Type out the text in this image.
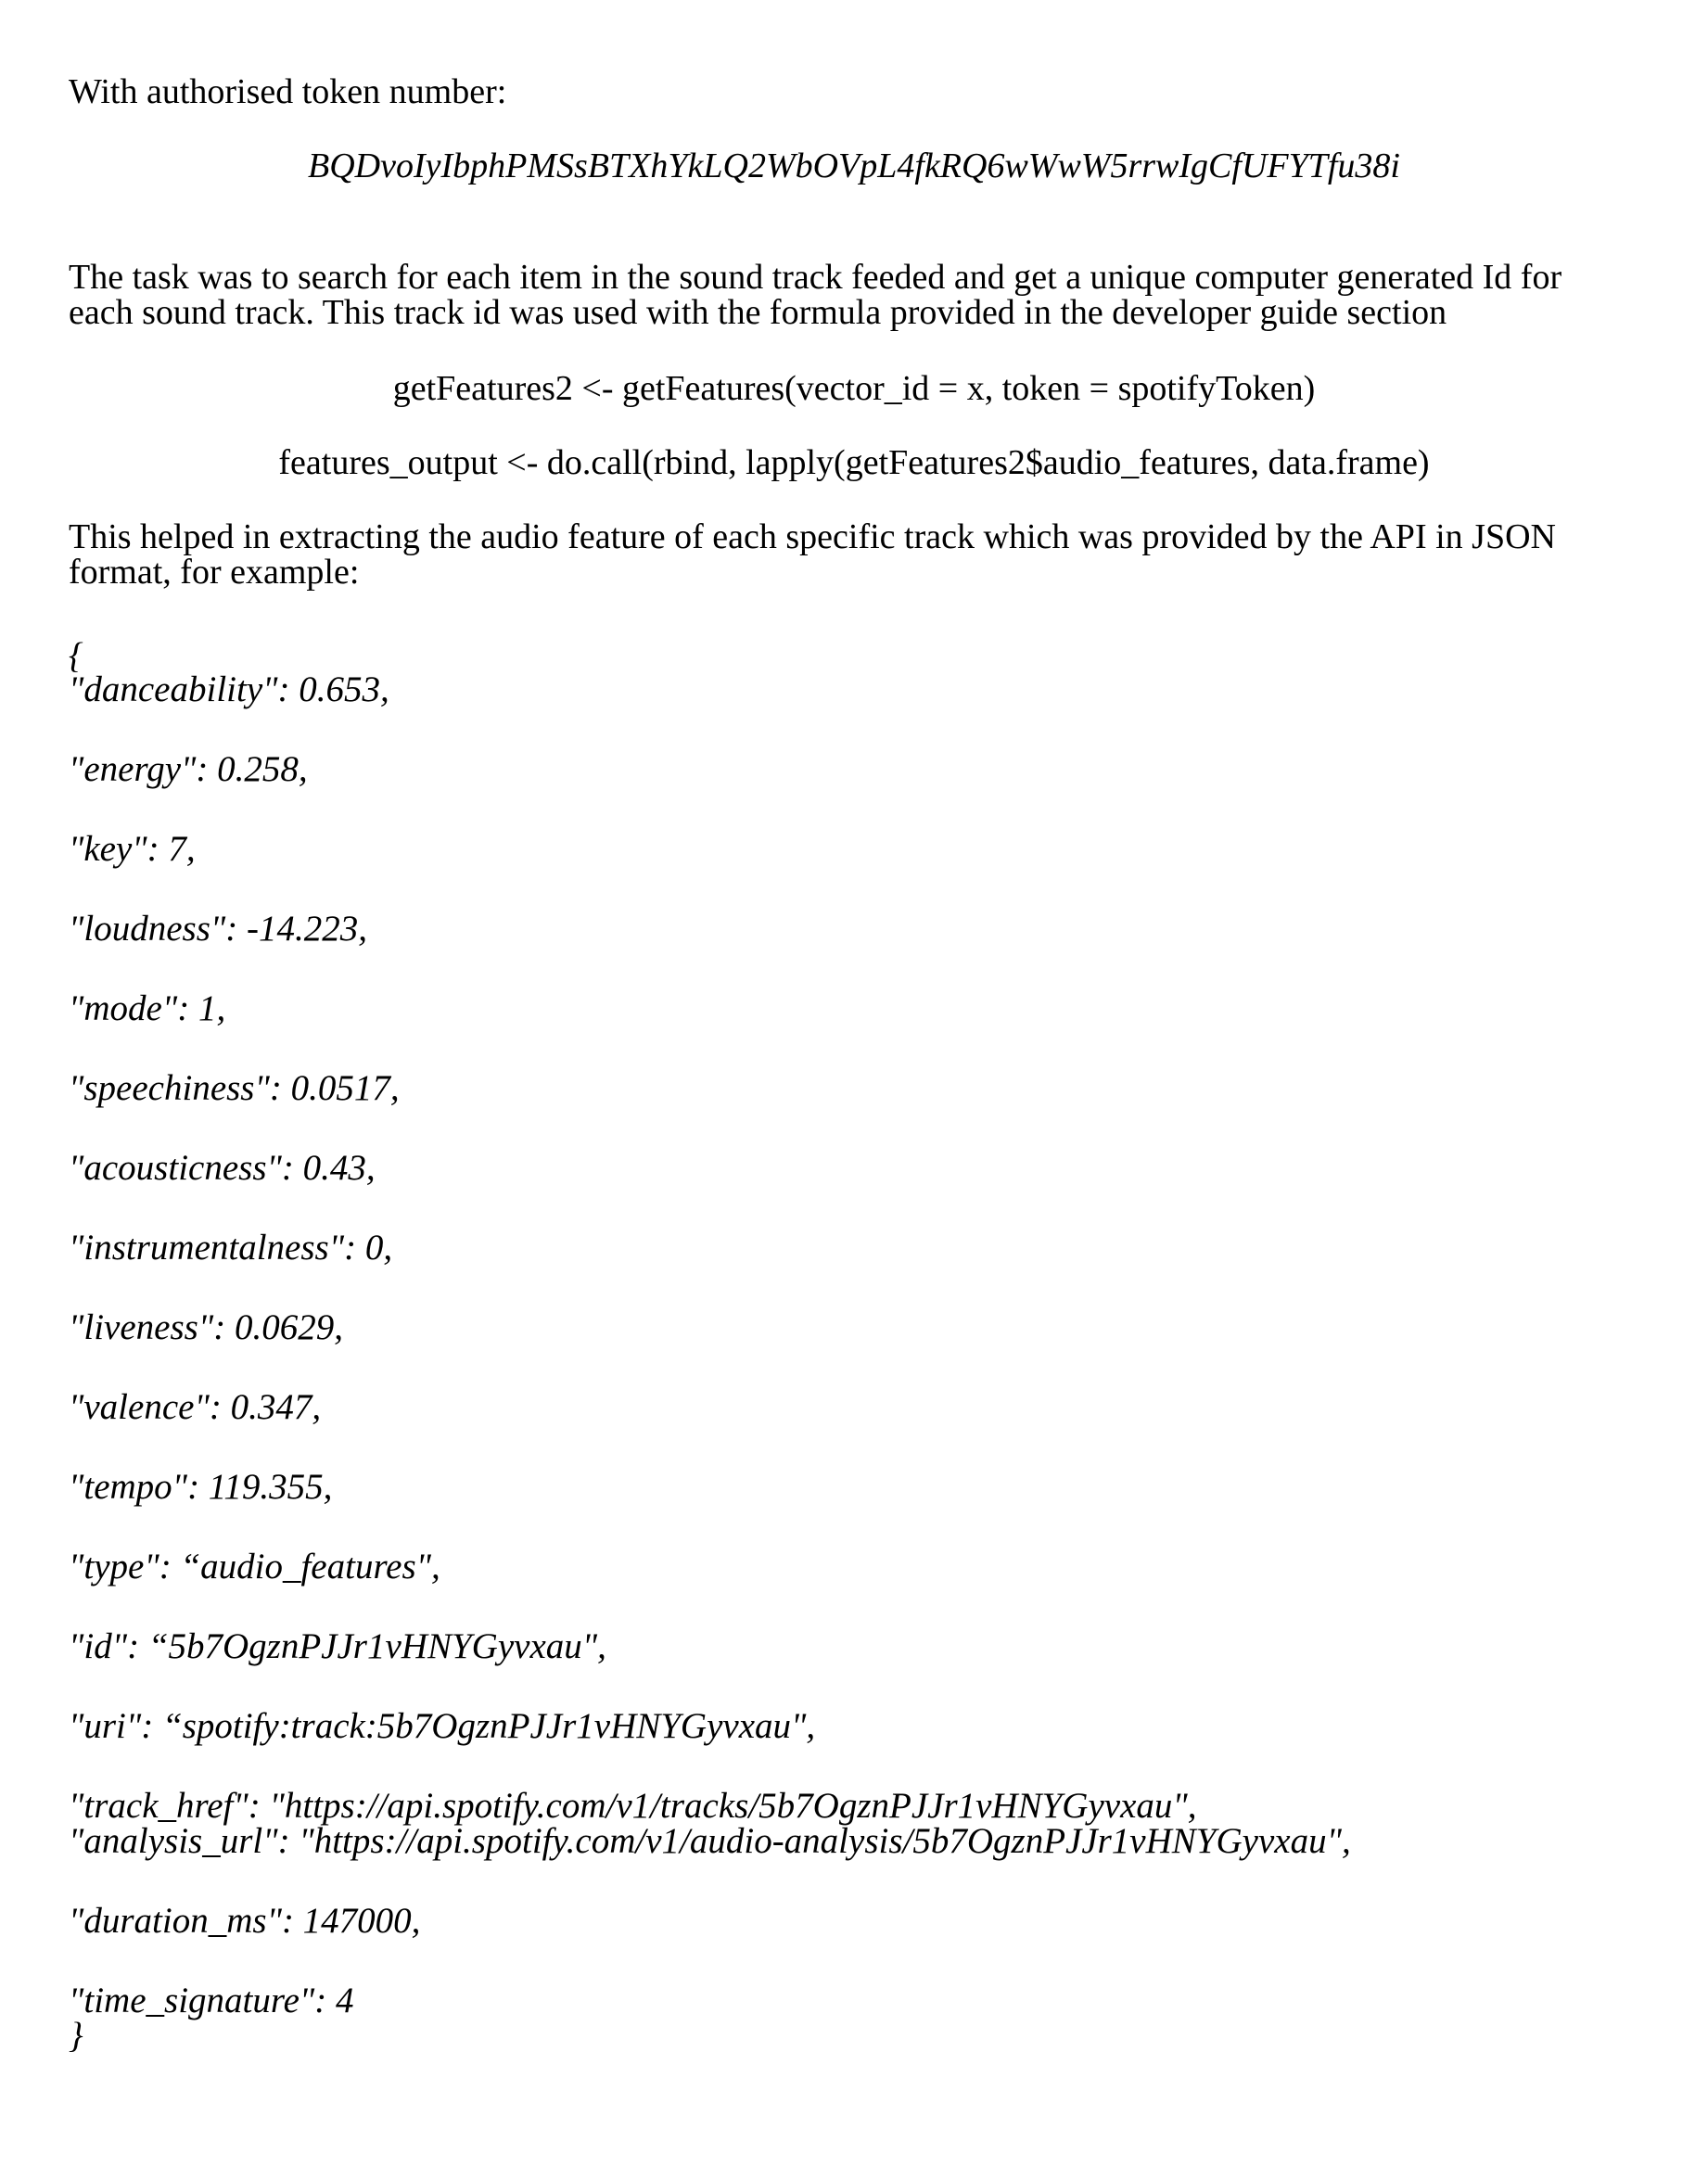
With authorised token number:
BQDvoIyIbphPMSsBTXhYkLQ2WbOVpL4fkRQ6wWwW5rrwIgCfUFYTfu38i
The task was to search for each item in the sound track feeded and get a unique computer generated Id for
each sound track. This track id was used with the formula provided in the developer guide section
getFeatures2 <- getFeatures(vector_id = x, token = spotifyToken)
features_output <- do.call(rbind, lapply(getFeatures2$audio_features, data.frame)
This helped in extracting the audio feature of each specific track which was provided by the API in JSON
format, for example:
{
"danceability": 0.653,
"energy": 0.258,
"key": 7,
"loudness": -14.223,
"mode": 1,
"speechiness": 0.0517,
"acousticness": 0.43,
"instrumentalness": 0,
"liveness": 0.0629,
"valence": 0.347,
"tempo": 119.355,
"type": “audio_features",
"id": “5b7OgznPJJr1vHNYGyvxau",
"uri": “spotify:track:5b7OgznPJJr1vHNYGyvxau",
"track_href": "https://api.spotify.com/v1/tracks/5b7OgznPJJr1vHNYGyvxau",
"analysis_url": "https://api.spotify.com/v1/audio-analysis/5b7OgznPJJr1vHNYGyvxau",
"duration_ms": 147000,
"time_signature": 4
}
